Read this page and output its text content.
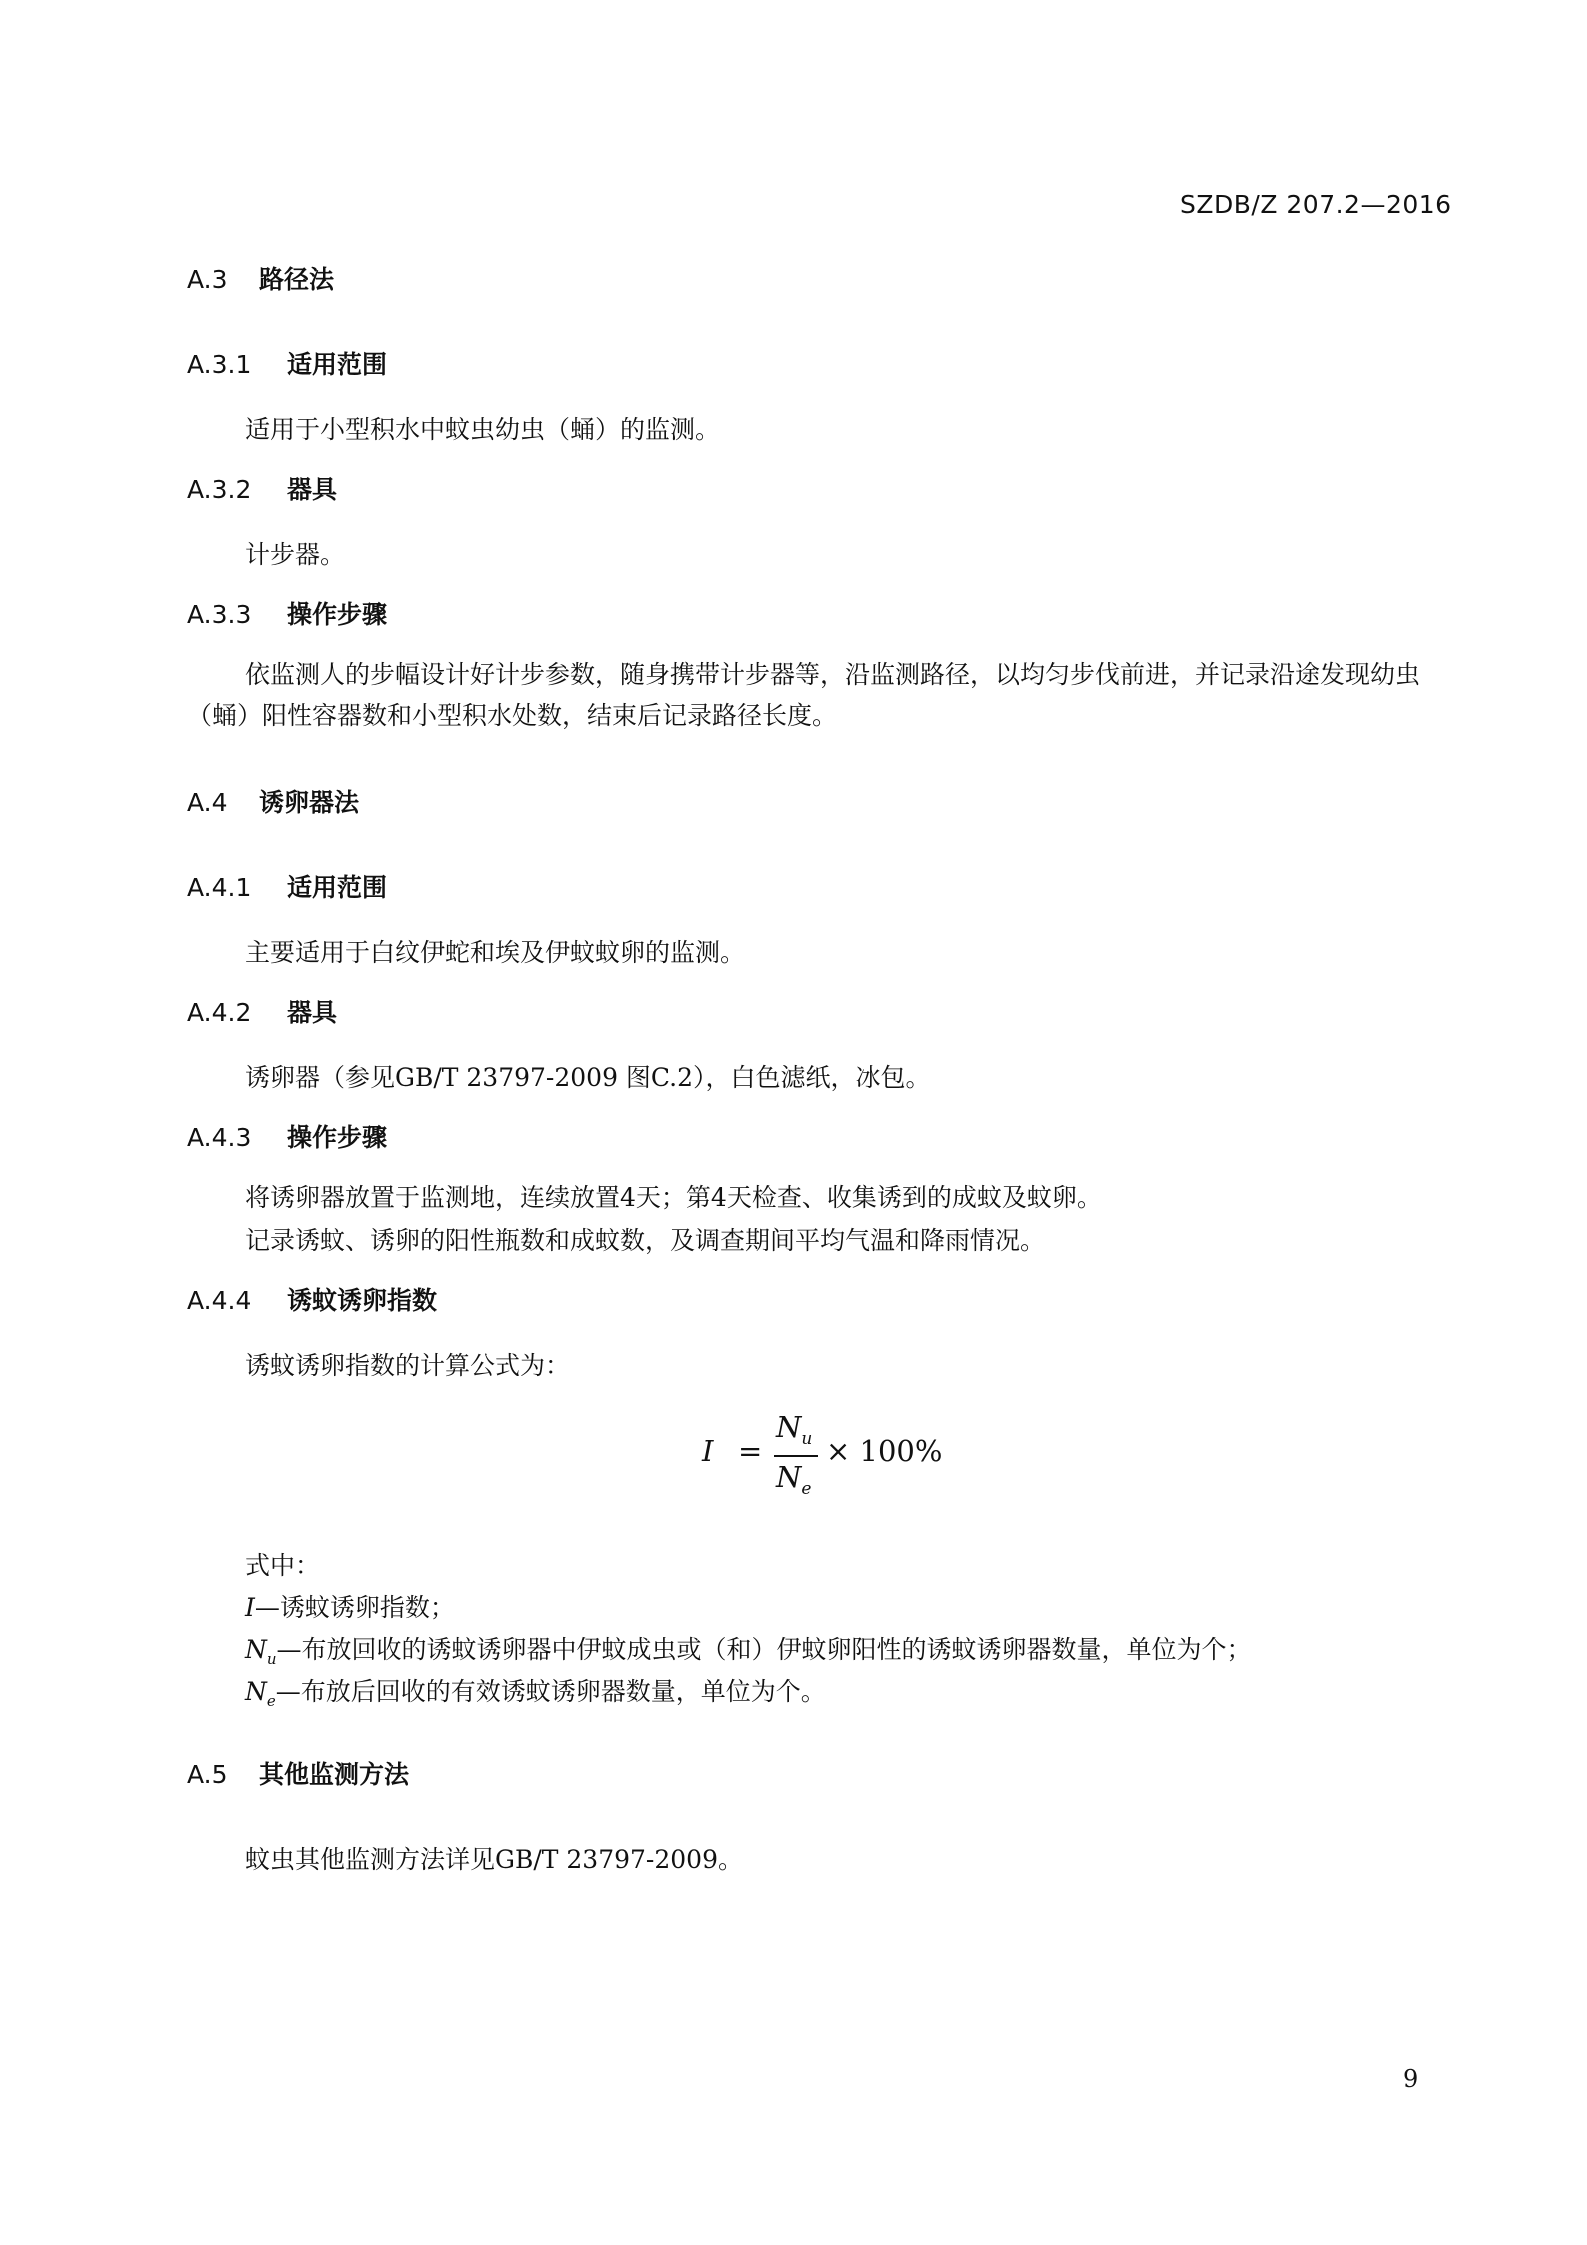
SZDB/Z 207.2—2016
A.3 路径法
A.3.1 适用范围
适用于小型积水中蚊虫幼虫（蛹）的监测。
A.3.2 器具
计步器。
A.3.3 操作步骤
依监测人的步幅设计好计步参数，随身携带计步器等，沿监测路径，以均匀步伐前进，并记录沿途发现幼虫（蛹）阳性容器数和小型积水处数，结束后记录路径长度。
A.4 诱卵器法
A.4.1 适用范围
主要适用于白纹伊蛇和埃及伊蚊蚊卵的监测。
A.4.2 器具
诱卵器（参见GB/T 23797-2009 图C.2），白色滤纸，冰包。
A.4.3 操作步骤
将诱卵器放置于监测地，连续放置4天；第4天检查、收集诱到的成蚊及蚊卵。
记录诱蚊、诱卵的阳性瓶数和成蚊数，及调查期间平均气温和降雨情况。
A.4.4 诱蚊诱卵指数
诱蚊诱卵指数的计算公式为：
I =
$N_u$
$N_e$
× 100%
式中：
I—诱蚊诱卵指数；
$N_u—$布放回收的诱蚊诱卵器中伊蚊成虫或（和）伊蚊卵阳性的诱蚊诱卵器数量，单位为个；
$N_e—$布放后回收的有效诱蚊诱卵器数量，单位为个。
A.5 其他监测方法
蚊虫其他监测方法详见GB/T 23797-2009。
9
